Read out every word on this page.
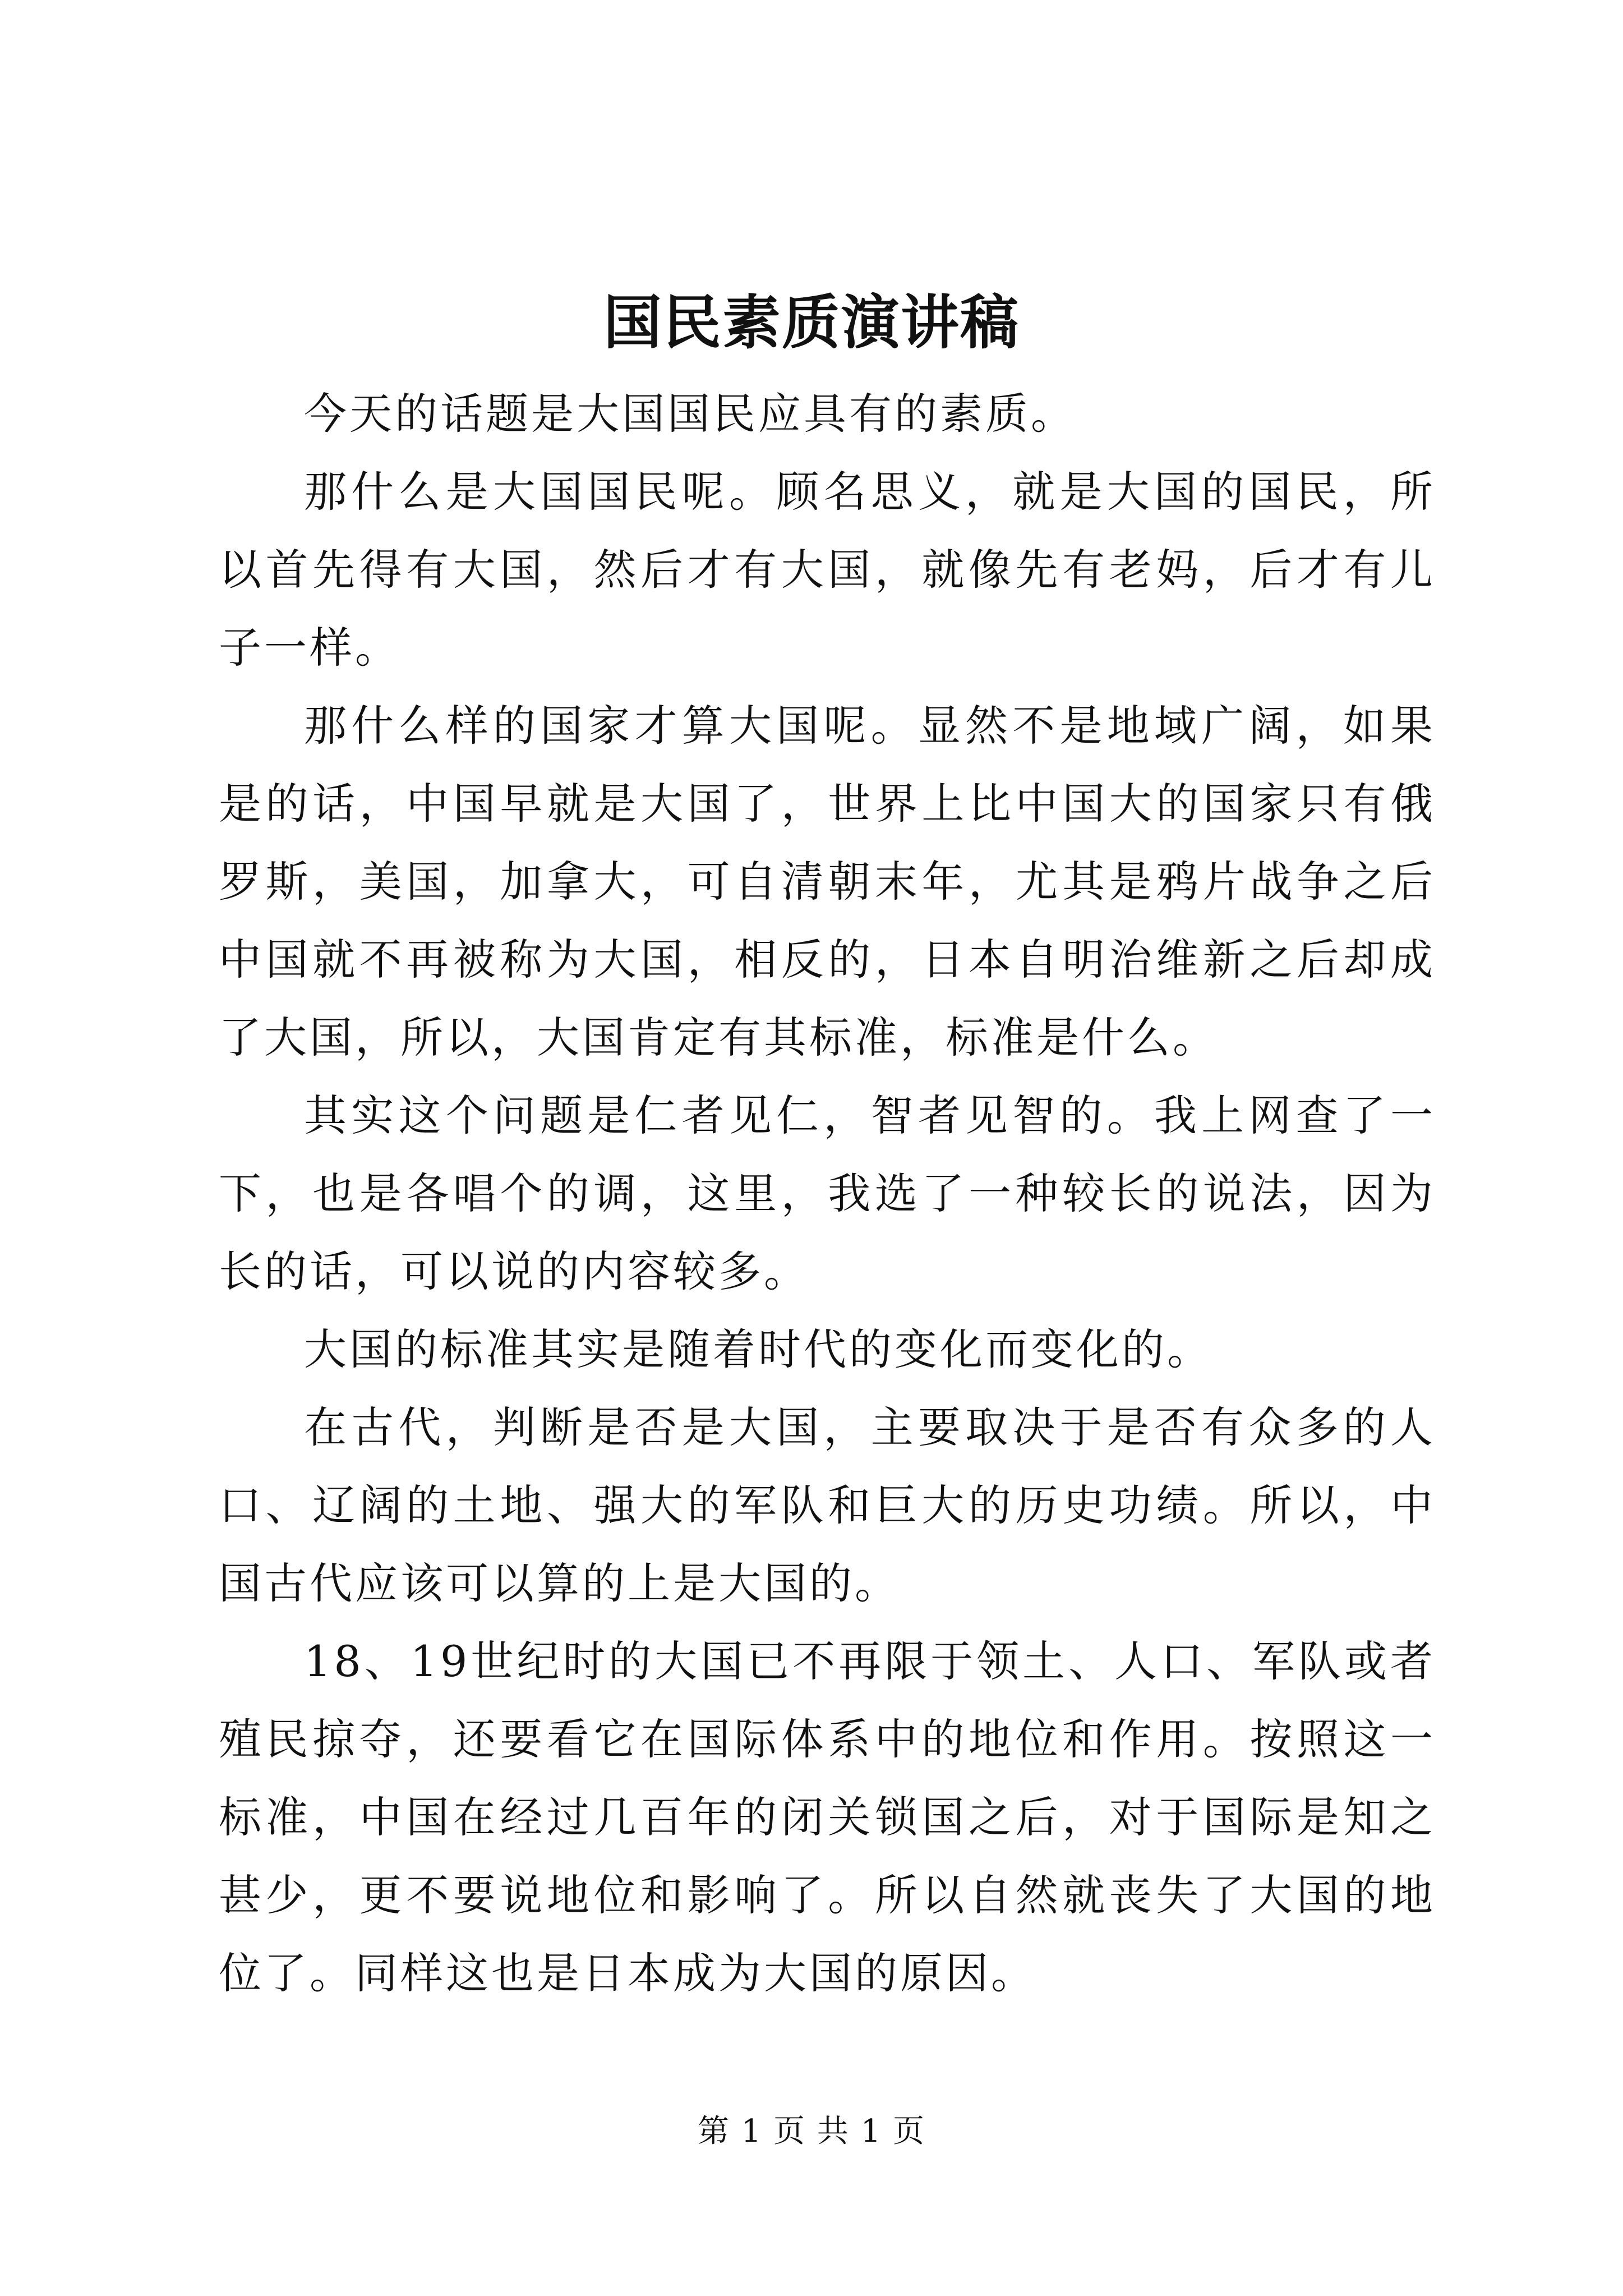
国民素质演讲稿

今天的话题是大国国民应具有的素质。

那什么是大国国民呢。顾名思义，就是大国的国民，所以首先得有大国，然后才有大国，就像先有老妈，后才有儿子一样。

那什么样的国家才算大国呢。显然不是地域广阔，如果是的话，中国早就是大国了，世界上比中国大的国家只有俄罗斯，美国，加拿大，可自清朝末年，尤其是鸦片战争之后中国就不再被称为大国，相反的，日本自明治维新之后却成了大国，所以，大国肯定有其标准，标准是什么。

其实这个问题是仁者见仁，智者见智的。我上网查了一下，也是各唱个的调，这里，我选了一种较长的说法，因为长的话，可以说的内容较多。

大国的标准其实是随着时代的变化而变化的。

在古代，判断是否是大国，主要取决于是否有众多的人口、辽阔的土地、强大的军队和巨大的历史功绩。所以，中国古代应该可以算的上是大国的。

18、19世纪时的大国已不再限于领土、人口、军队或者殖民掠夺，还要看它在国际体系中的地位和作用。按照这一标准，中国在经过几百年的闭关锁国之后，对于国际是知之甚少，更不要说地位和影响了。所以自然就丧失了大国的地位了。同样这也是日本成为大国的原因。

第 1 页 共 1 页
